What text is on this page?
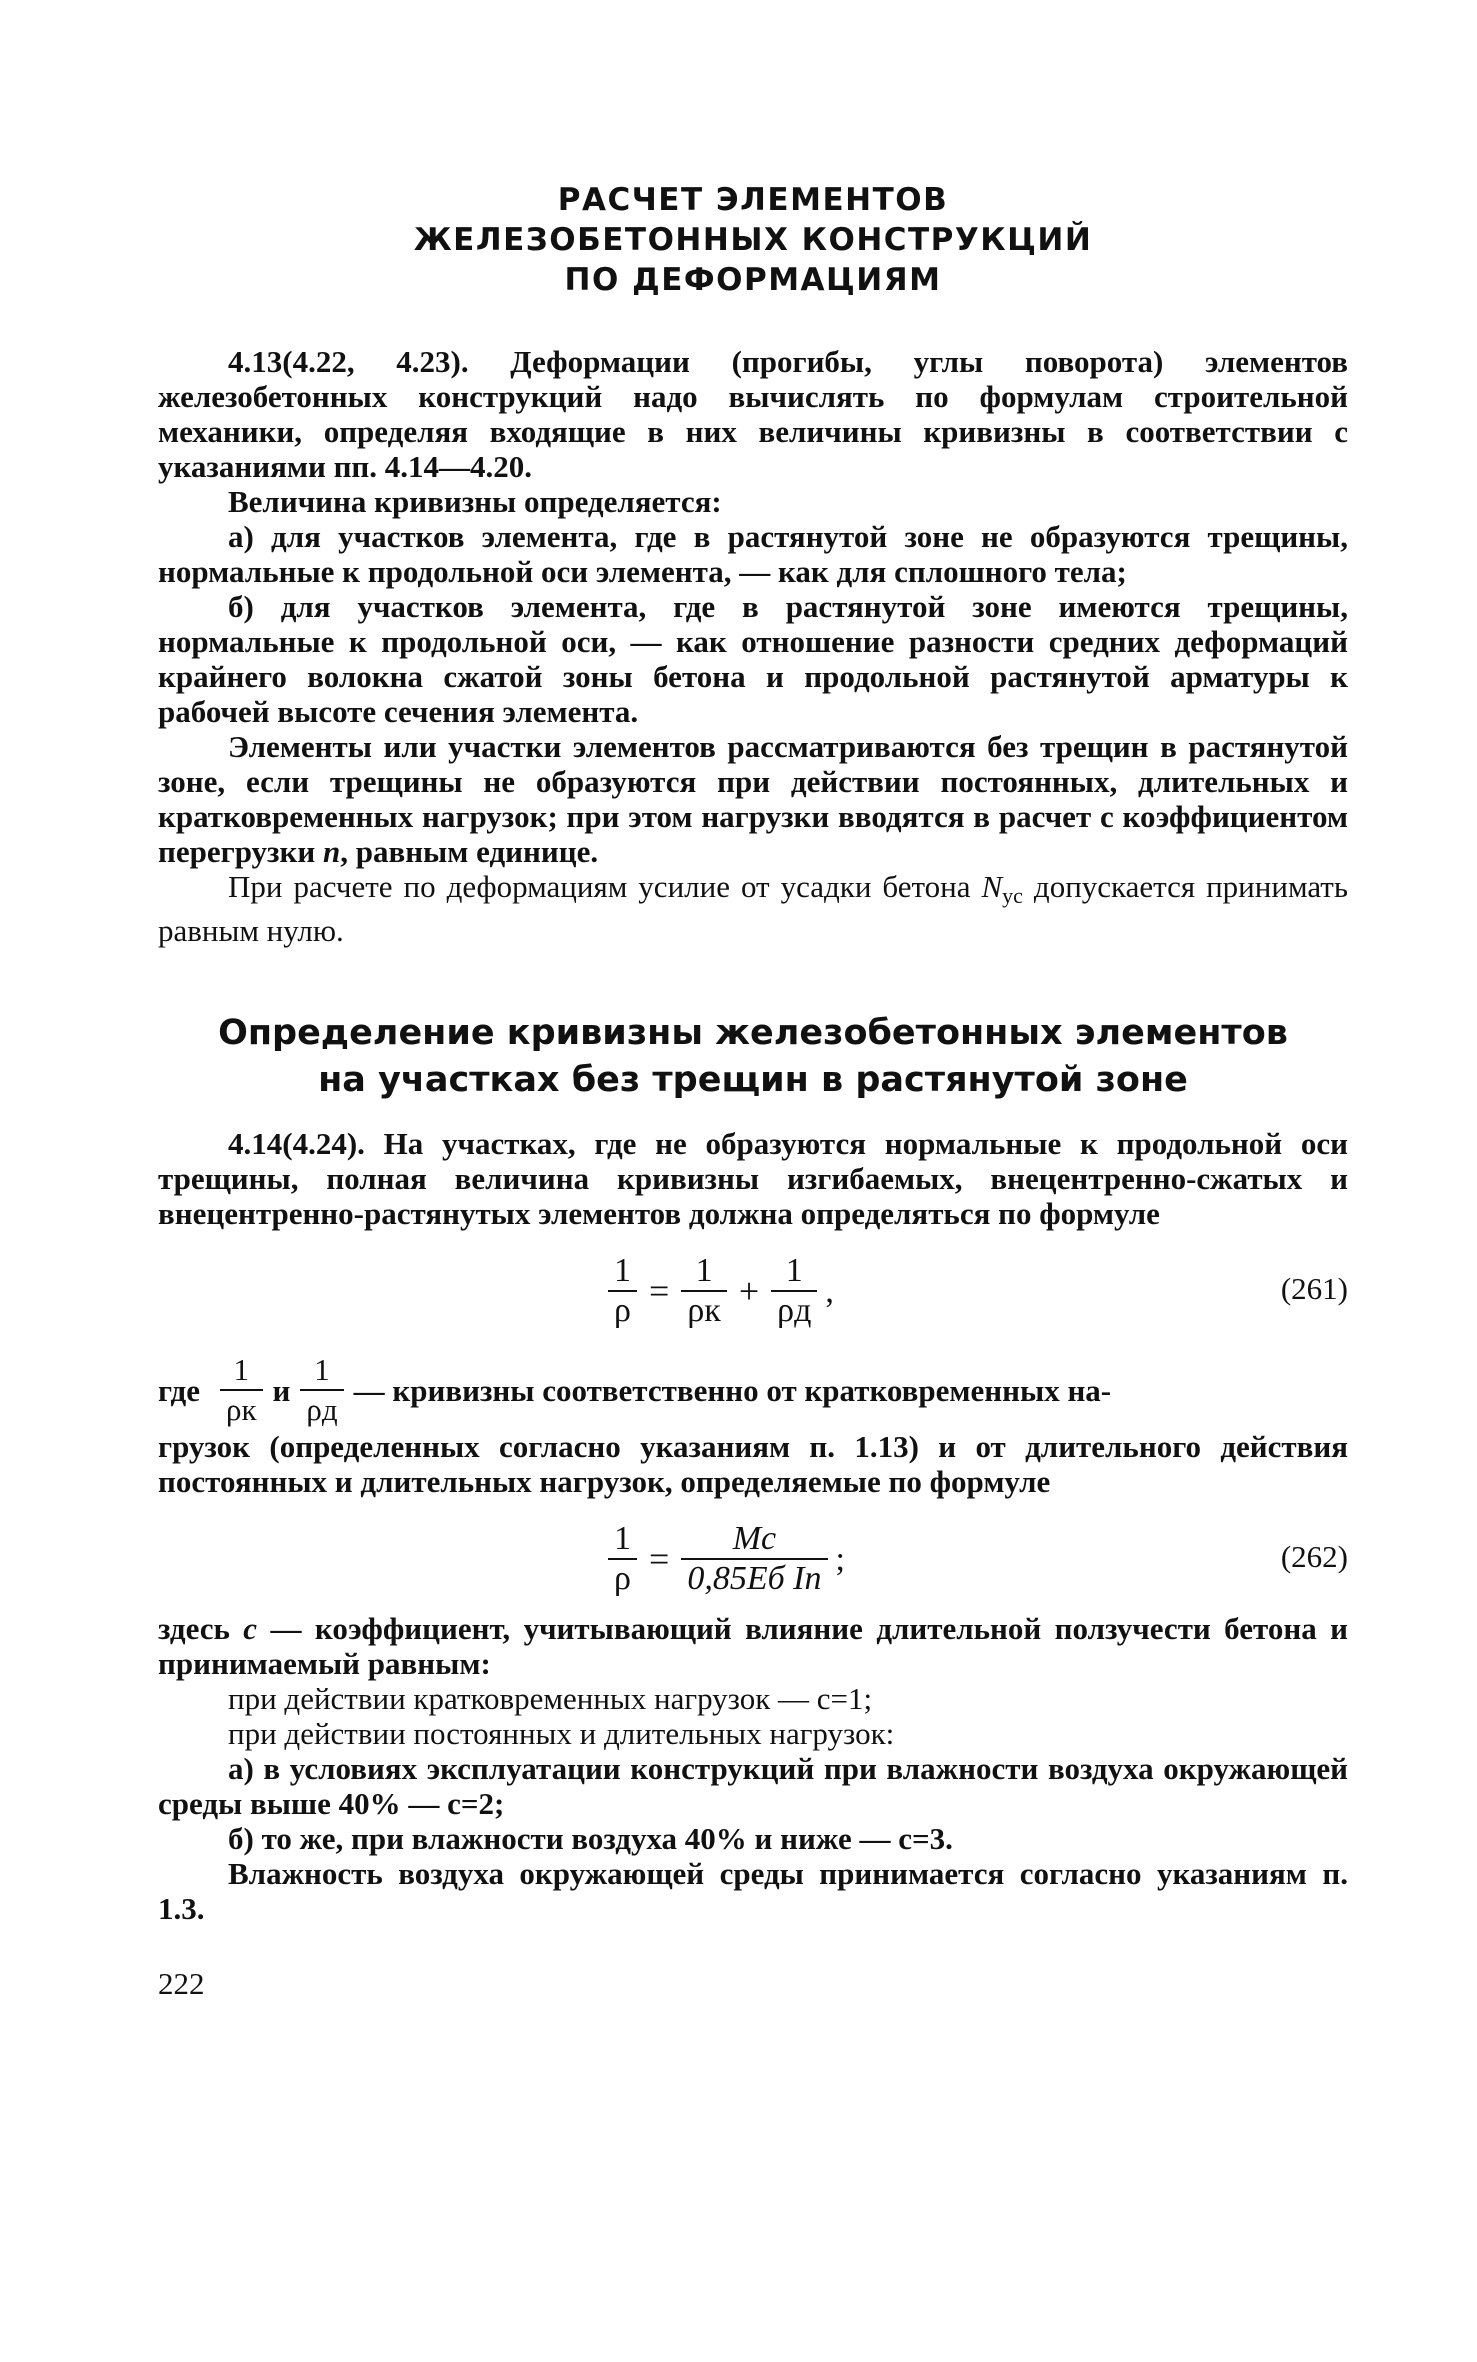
РАСЧЕТ ЭЛЕМЕНТОВ
ЖЕЛЕЗОБЕТОННЫХ КОНСТРУКЦИЙ
ПО ДЕФОРМАЦИЯМ

4.13(4.22, 4.23). Деформации (прогибы, углы поворота) элементов железобетонных конструкций надо вычислять по формулам строительной механики, определяя входящие в них величины кривизны в соответствии с указаниями пп. 4.14—4.20.

Величина кривизны определяется:

а) для участков элемента, где в растянутой зоне не образуются трещины, нормальные к продольной оси элемента, — как для сплошного тела;

б) для участков элемента, где в растянутой зоне имеются трещины, нормальные к продольной оси, — как отношение разности средних деформаций крайнего волокна сжатой зоны бетона и продольной растянутой арматуры к рабочей высоте сечения элемента.

Элементы или участки элементов рассматриваются без трещин в растянутой зоне, если трещины не образуются при действии постоянных, длительных и кратковременных нагрузок; при этом нагрузки вводятся в расчет с коэффициентом перегрузки n, равным единице.

При расчете по деформациям усилие от усадки бетона $N_{ус}$ допускается принимать равным нулю.

Определение кривизны железобетонных элементов
на участках без трещин в растянутой зоне

4.14(4.24). На участках, где не образуются нормальные к продольной оси трещины, полная величина кривизны изгибаемых, внецентренно-сжатых и внецентренно-растянутых элементов должна определяться по формуле

$\frac{1}{\rho} = \frac{1}{\rho к} + \frac{1}{\rho д}$ ,	(261)
где $\frac{1}{\rho к}$ и $\frac{1}{\rho д}$ — кривизны соответственно от кратковременных на-

грузок (определенных согласно указаниям п. 1.13) и от длительного действия постоянных и длительных нагрузок, определяемые по формуле

$\frac{1}{\rho} = \frac{Mc}{\text{0,85Eб Iп}}$ ;	(262)

здесь c — коэффициент, учитывающий влияние длительной ползучести бетона и принимаемый равным:

при действии кратковременных нагрузок — c=1;

при действии постоянных и длительных нагрузок:

а) в условиях эксплуатации конструкций при влажности воздуха окружающей среды выше 40% — c=2;

б) то же, при влажности воздуха 40% и ниже — c=3.

Влажность воздуха окружающей среды принимается согласно указаниям п. 1.3.

222
